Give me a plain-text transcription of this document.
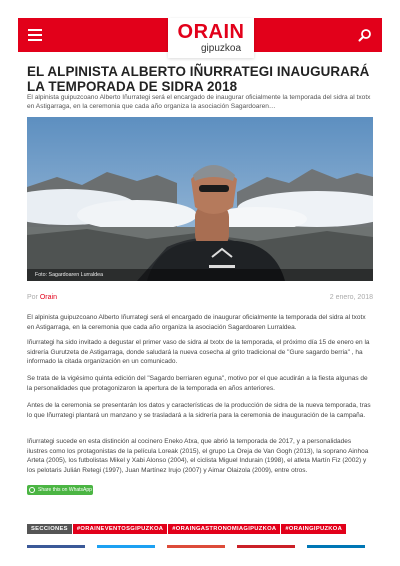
ORAIN
gipuzkoa
EL ALPINISTA ALBERTO IÑURRATEGI INAUGURARÁ LA TEMPORADA DE SIDRA 2018

El alpinista guipuzcoano Alberto Iñurrategi será el encargado de inaugurar oficialmente la temporada del sidra al txotx en Astigarraga, en la ceremonia que cada año organiza la asociación Sagardoaren…

Foto: Sagardoaren Lurraldea
Por Orain	2 enero, 2018

El alpinista guipuzcoano Alberto Iñurrategi será el encargado de inaugurar oficialmente la temporada del sidra al txotx en Astigarraga, en la ceremonia que cada año organiza la asociación Sagardoaren Lurraldea.

Iñurrategi ha sido invitado a degustar el primer vaso de sidra al txotx de la temporada, el próximo día 15 de enero en la sidrería Gurutzeta de Astigarraga, donde saludará la nueva cosecha al grito tradicional de "Gure sagardo berria" , ha informado la citada organización en un comunicado.

Se trata de la vigésimo quinta edición del "Sagardo berriaren eguna", motivo por el que acudirán a la fiesta algunas de la personalidades que protagonizaron la apertura de la temporada en años anteriores.

Antes de la ceremonia se presentarán los datos y características de la producción de sidra de la nueva temporada, tras lo que Iñurrategi plantará un manzano y se trasladará a la sidrería para la ceremonia de inauguración de la campaña.

Iñurrategi sucede en esta distinción al cocinero Eneko Atxa, que abrió la temporada de 2017, y a personalidades ilustres como los protagonistas de la película Loreak (2015), el grupo La Oreja de Van Gogh (2013), la soprano Ainhoa Arteta (2005), los futbolistas Mikel y Xabi Alonso (2004), el ciclista Miguel Indurain (1998), el atleta Martín Fiz (2002) y los pelotaris Julián Retegi (1997), Juan Martínez Irujo (2007) y Aimar Olaizola (2009), entre otros.

Share this on WhatsApp
SECCIONES #ORAINEVENTOSGIPUZKOA #ORAINGASTRONOMIAGIPUZKOA #ORAINGIPUZKOA
